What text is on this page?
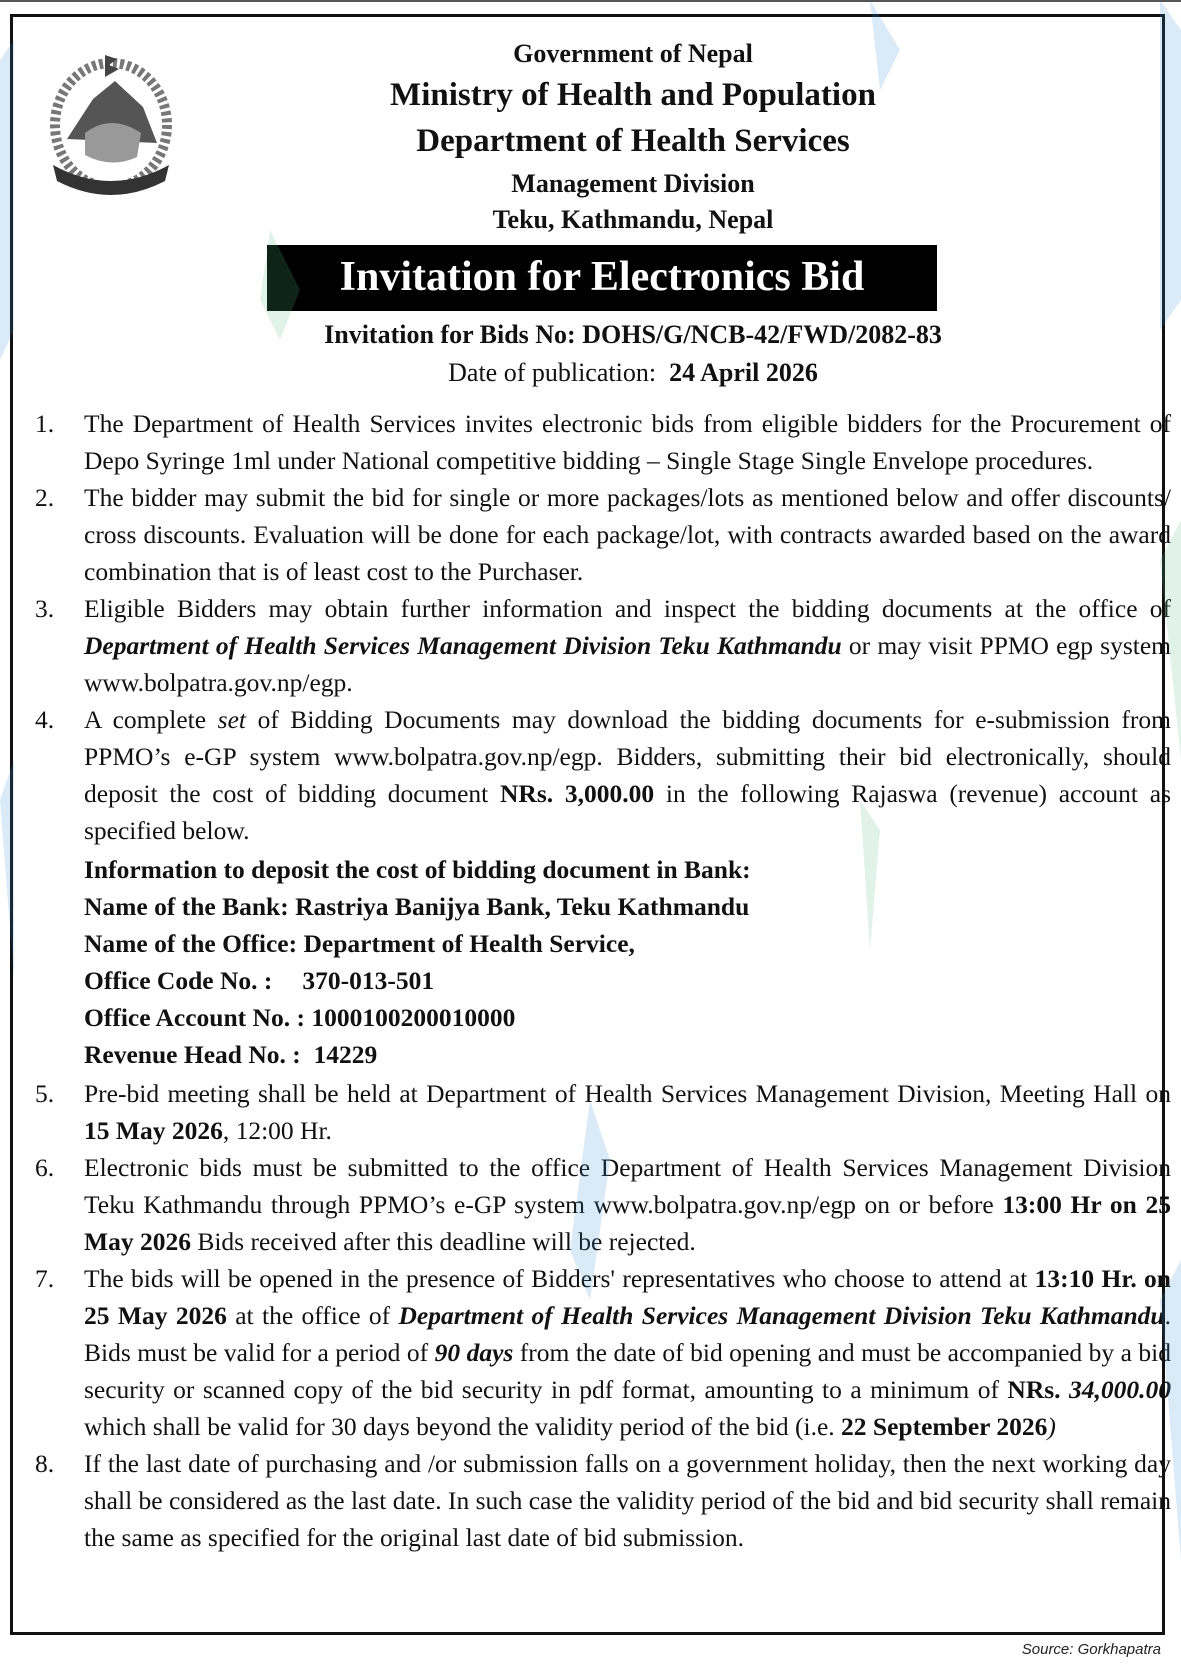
Government of Nepal
Ministry of Health and Population
Department of Health Services
Management Division
Teku, Kathmandu, Nepal
Invitation for Electronics Bid
Invitation for Bids No: DOHS/G/NCB-42/FWD/2082-83
Date of publication: 24 April 2026
1. The Department of Health Services invites electronic bids from eligible bidders for the Procurement of Depo Syringe 1ml under National competitive bidding – Single Stage Single Envelope procedures.
2. The bidder may submit the bid for single or more packages/lots as mentioned below and offer discounts/ cross discounts. Evaluation will be done for each package/lot, with contracts awarded based on the award combination that is of least cost to the Purchaser.
3. Eligible Bidders may obtain further information and inspect the bidding documents at the office of Department of Health Services Management Division Teku Kathmandu or may visit PPMO egp system www.bolpatra.gov.np/egp.
4. A complete set of Bidding Documents may download the bidding documents for e-submission from PPMO’s e-GP system www.bolpatra.gov.np/egp. Bidders, submitting their bid electronically, should deposit the cost of bidding document NRs. 3,000.00 in the following Rajaswa (revenue) account as specified below.
Information to deposit the cost of bidding document in Bank:
Name of the Bank: Rastriya Banijya Bank, Teku Kathmandu
Name of the Office: Department of Health Service,
Office Code No. : 370-013-501
Office Account No. : 1000100200010000
Revenue Head No. : 14229
5. Pre-bid meeting shall be held at Department of Health Services Management Division, Meeting Hall on 15 May 2026, 12:00 Hr.
6. Electronic bids must be submitted to the office Department of Health Services Management Division Teku Kathmandu through PPMO’s e-GP system www.bolpatra.gov.np/egp on or before 13:00 Hr on 25 May 2026 Bids received after this deadline will be rejected.
7. The bids will be opened in the presence of Bidders' representatives who choose to attend at 13:10 Hr. on 25 May 2026 at the office of Department of Health Services Management Division Teku Kathmandu. Bids must be valid for a period of 90 days from the date of bid opening and must be accompanied by a bid security or scanned copy of the bid security in pdf format, amounting to a minimum of NRs. 34,000.00 which shall be valid for 30 days beyond the validity period of the bid (i.e. 22 September 2026)
8. If the last date of purchasing and /or submission falls on a government holiday, then the next working day shall be considered as the last date. In such case the validity period of the bid and bid security shall remain the same as specified for the original last date of bid submission.
Source: Gorkhapatra
